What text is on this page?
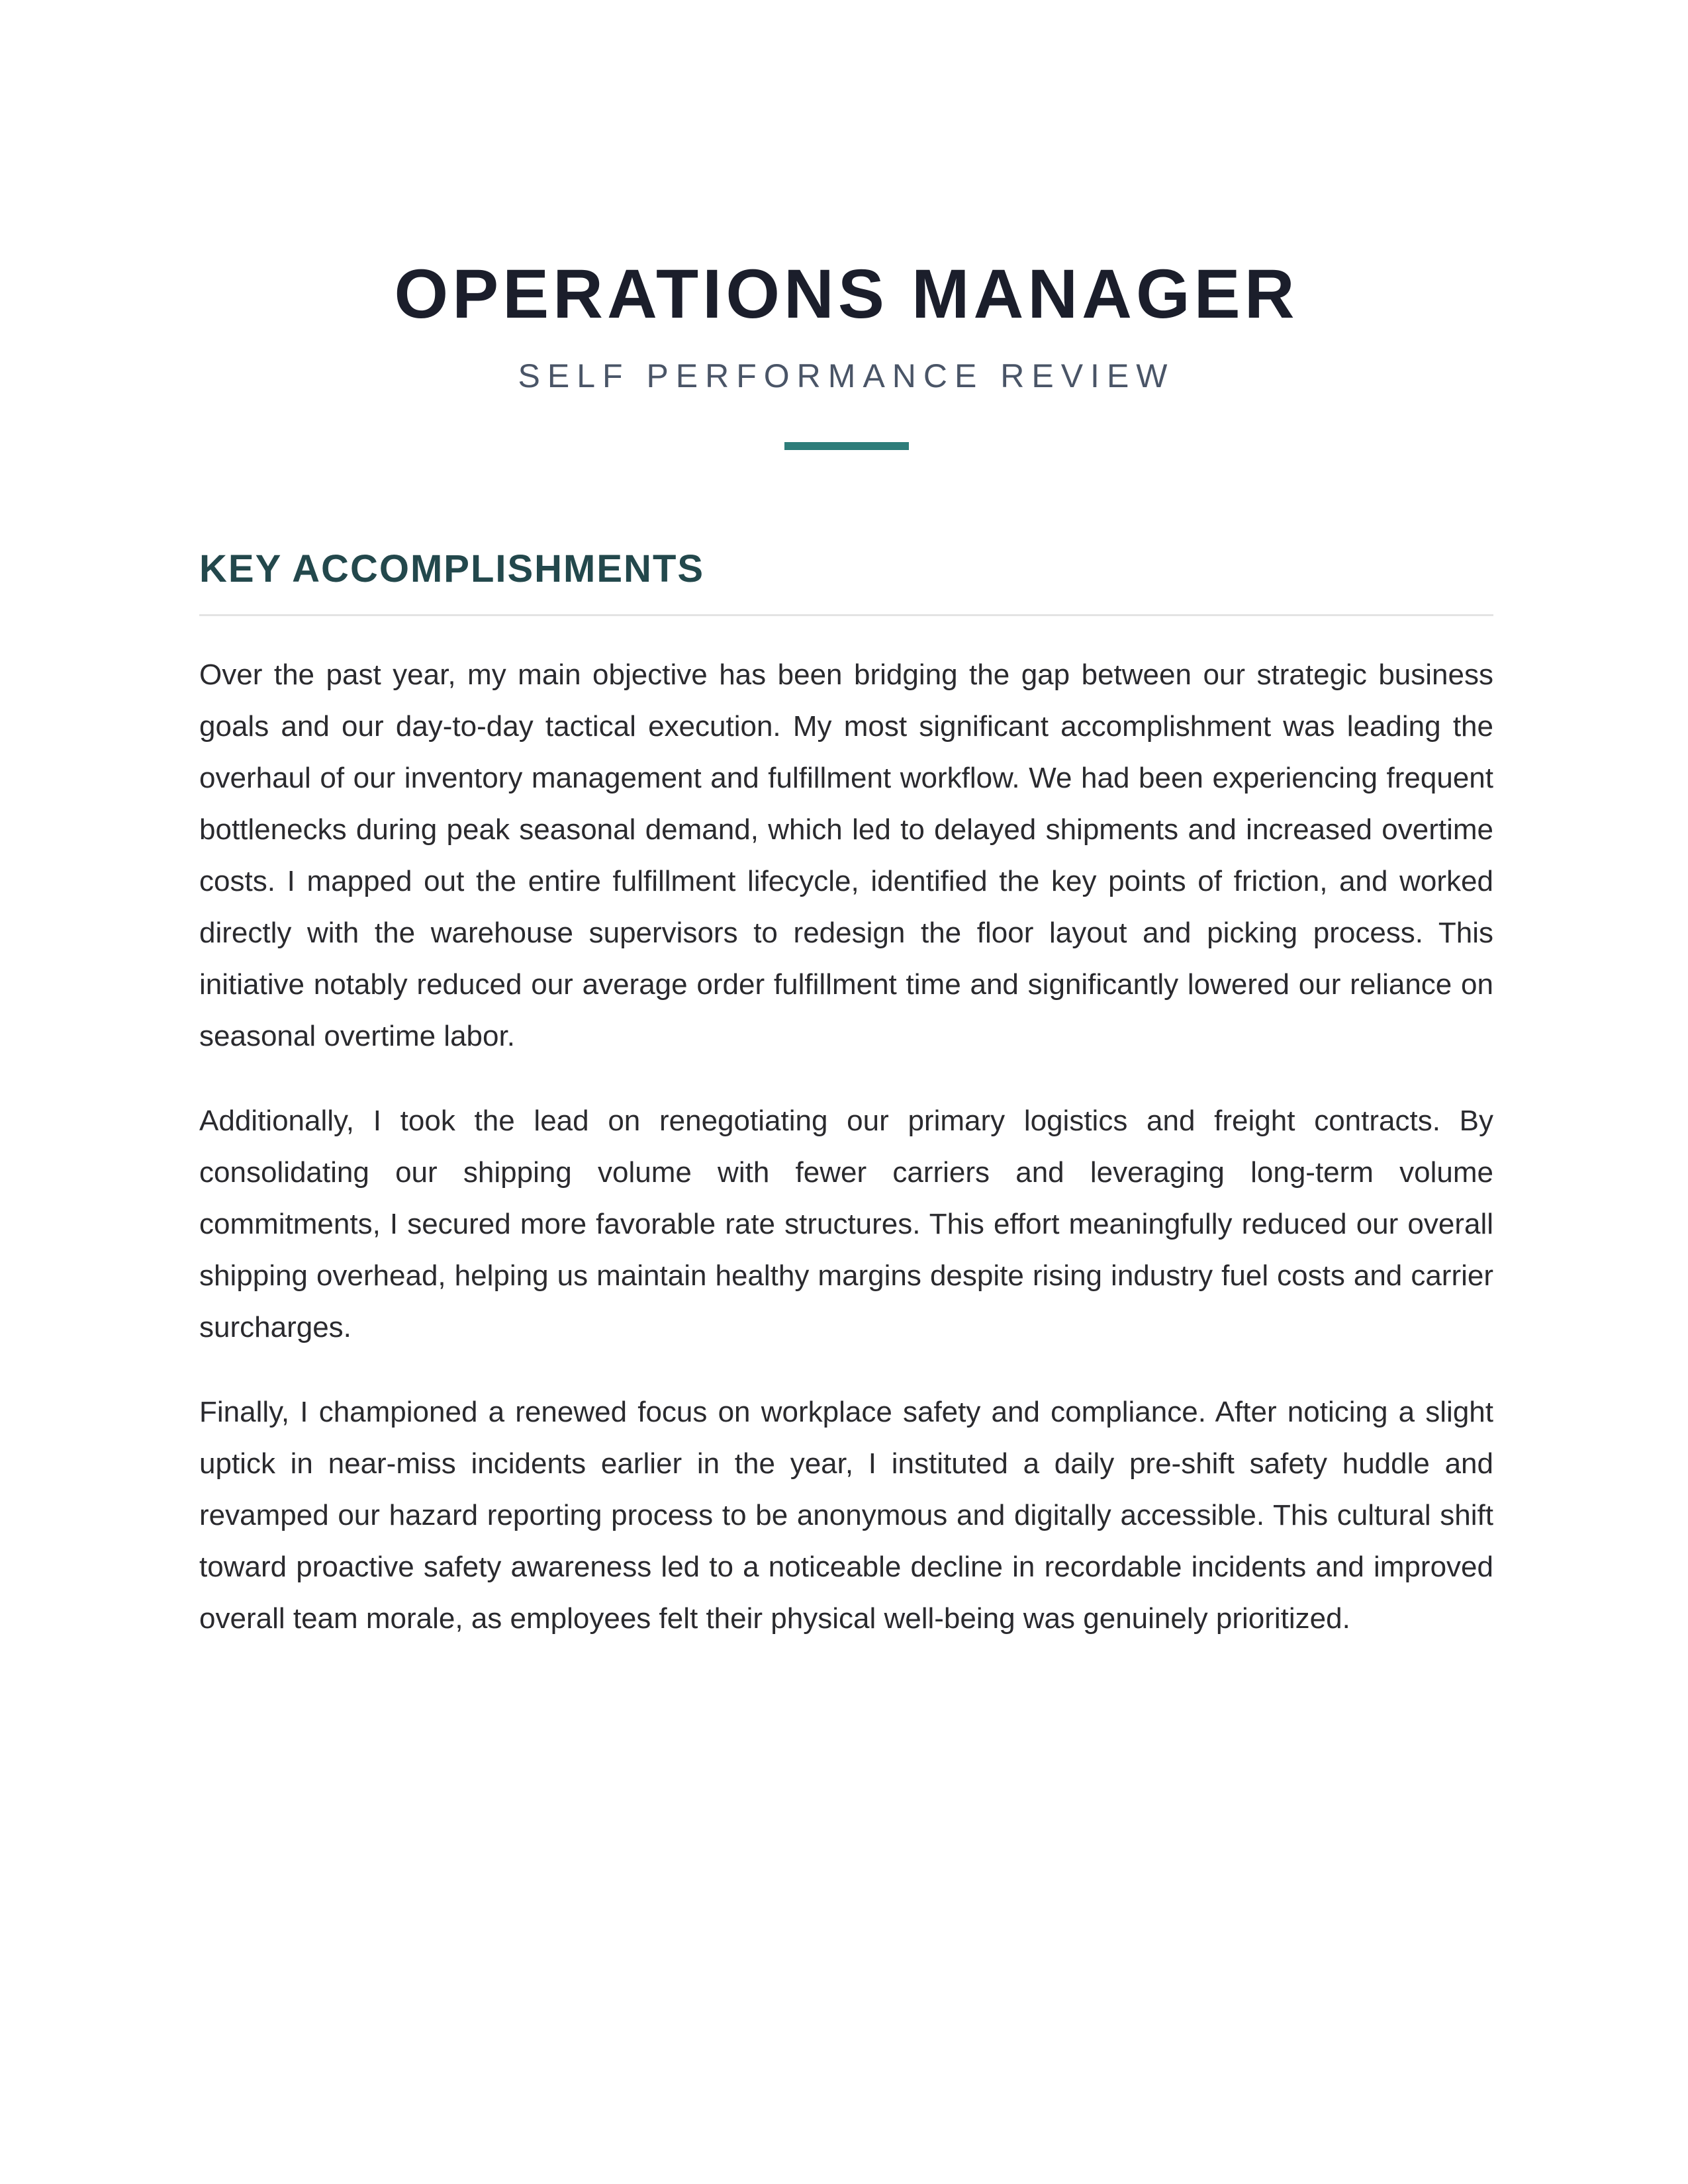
OPERATIONS MANAGER
SELF PERFORMANCE REVIEW
KEY ACCOMPLISHMENTS

Over the past year, my main objective has been bridging the gap between our strategic business goals and our day-to-day tactical execution. My most significant accomplishment was leading the overhaul of our inventory management and fulfillment workflow. We had been experiencing frequent bottlenecks during peak seasonal demand, which led to delayed shipments and increased overtime costs. I mapped out the entire fulfillment lifecycle, identified the key points of friction, and worked directly with the warehouse supervisors to redesign the floor layout and picking process. This initiative notably reduced our average order fulfillment time and significantly lowered our reliance on seasonal overtime labor.

Additionally, I took the lead on renegotiating our primary logistics and freight contracts. By consolidating our shipping volume with fewer carriers and leveraging long-term volume commitments, I secured more favorable rate structures. This effort meaningfully reduced our overall shipping overhead, helping us maintain healthy margins despite rising industry fuel costs and carrier surcharges.

Finally, I championed a renewed focus on workplace safety and compliance. After noticing a slight uptick in near-miss incidents earlier in the year, I instituted a daily pre-shift safety huddle and revamped our hazard reporting process to be anonymous and digitally accessible. This cultural shift toward proactive safety awareness led to a noticeable decline in recordable incidents and improved overall team morale, as employees felt their physical well-being was genuinely prioritized.
